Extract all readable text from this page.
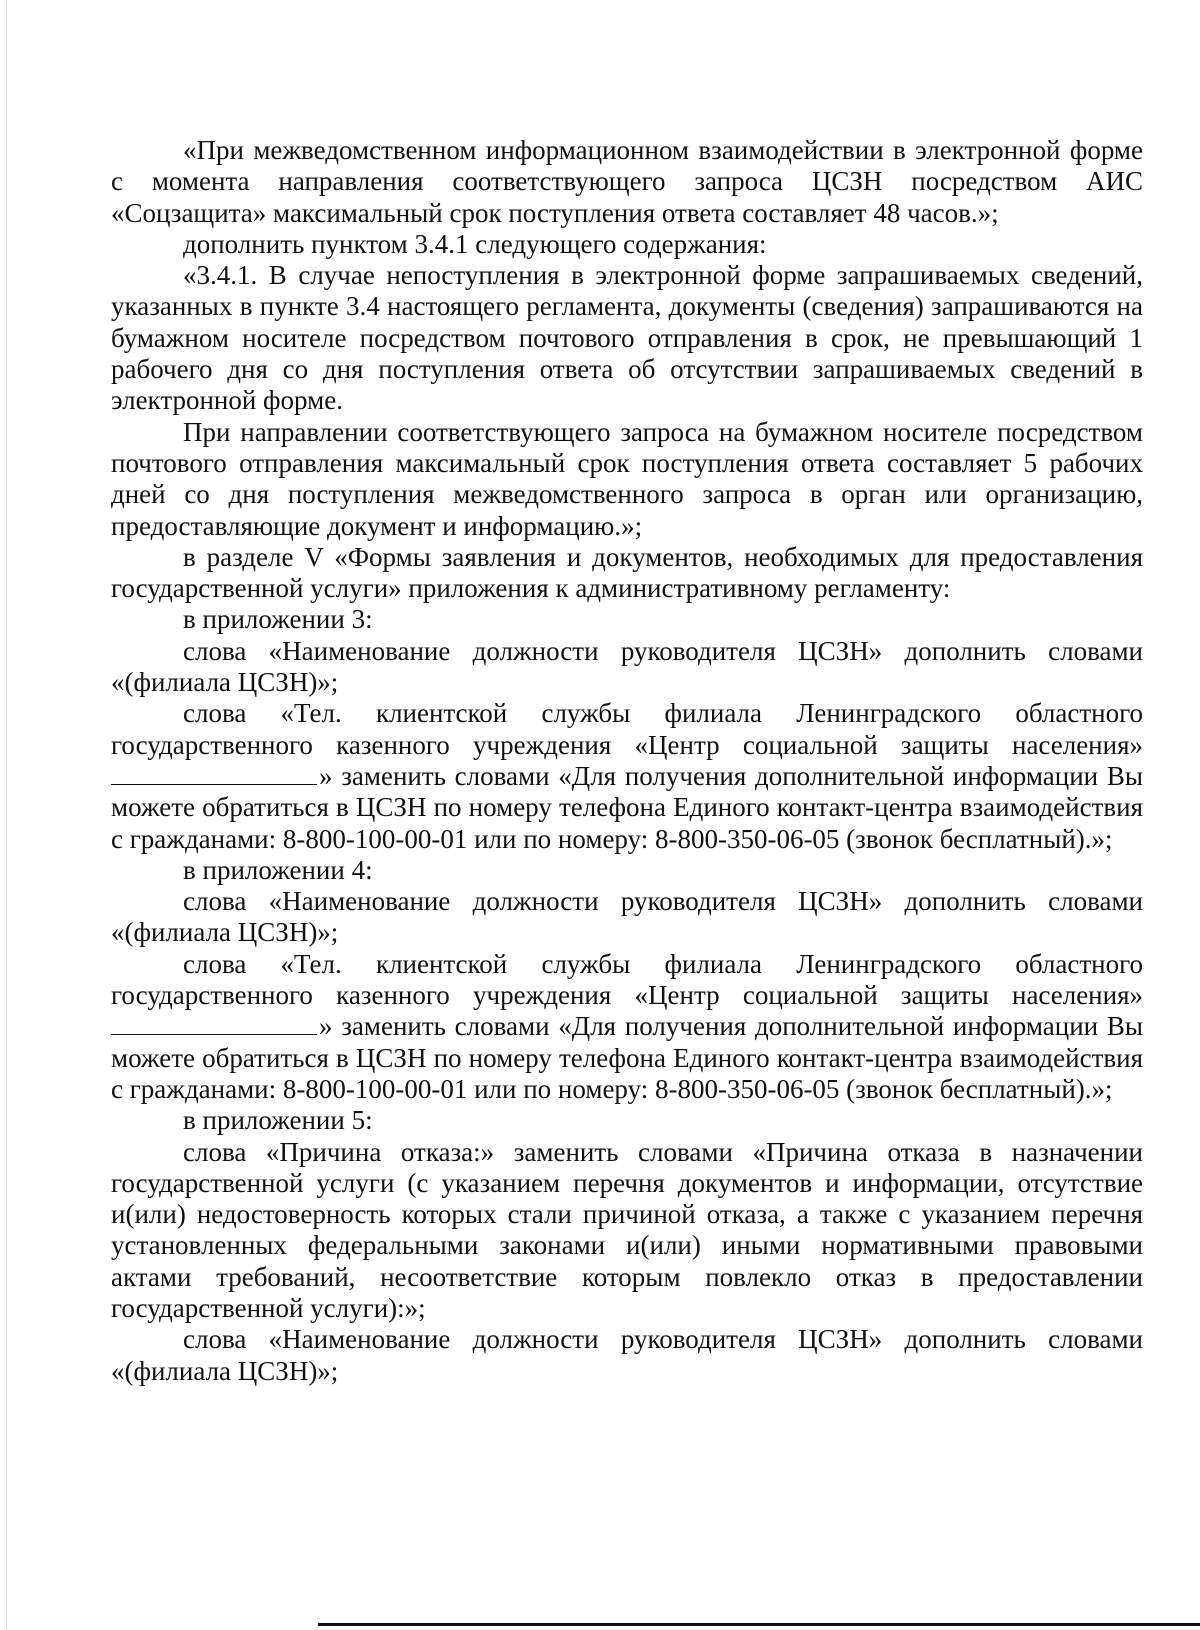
«При межведомственном информационном взаимодействии в электронной форме с момента направления соответствующего запроса ЦСЗН посредством АИС «Соцзащита» максимальный срок поступления ответа составляет 48 часов.»;

дополнить пунктом 3.4.1 следующего содержания:

«3.4.1. В случае непоступления в электронной форме запрашиваемых сведений, указанных в пункте 3.4 настоящего регламента, документы (сведения) запрашиваются на бумажном носителе посредством почтового отправления в срок, не превышающий 1 рабочего дня со дня поступления ответа об отсутствии запрашиваемых сведений в электронной форме.

При направлении соответствующего запроса на бумажном носителе посредством почтового отправления максимальный срок поступления ответа составляет 5 рабочих дней со дня поступления межведомственного запроса в орган или организацию, предоставляющие документ и информацию.»;

в разделе V «Формы заявления и документов, необходимых для предоставления государственной услуги» приложения к административному регламенту:

в приложении 3:

слова «Наименование должности руководителя ЦСЗН» дополнить словами «(филиала ЦСЗН)»;

слова «Тел. клиентской службы филиала Ленинградского областного государственного казенного учреждения «Центр социальной защиты населения» » заменить словами «Для получения дополнительной информации Вы можете обратиться в ЦСЗН по номеру телефона Единого контакт-центра взаимодействия с гражданами: 8-800-100-00-01 или по номеру: 8-800-350-06-05 (звонок бесплатный).»;

в приложении 4:

слова «Наименование должности руководителя ЦСЗН» дополнить словами «(филиала ЦСЗН)»;

слова «Тел. клиентской службы филиала Ленинградского областного государственного казенного учреждения «Центр социальной защиты населения» » заменить словами «Для получения дополнительной информации Вы можете обратиться в ЦСЗН по номеру телефона Единого контакт-центра взаимодействия с гражданами: 8-800-100-00-01 или по номеру: 8-800-350-06-05 (звонок бесплатный).»;

в приложении 5:

слова «Причина отказа:» заменить словами «Причина отказа в назначении государственной услуги (с указанием перечня документов и информации, отсутствие и(или) недостоверность которых стали причиной отказа, а также с указанием перечня установленных федеральными законами и(или) иными нормативными правовыми актами требований, несоответствие которым повлекло отказ в предоставлении государственной услуги):»;

слова «Наименование должности руководителя ЦСЗН» дополнить словами «(филиала ЦСЗН)»;
